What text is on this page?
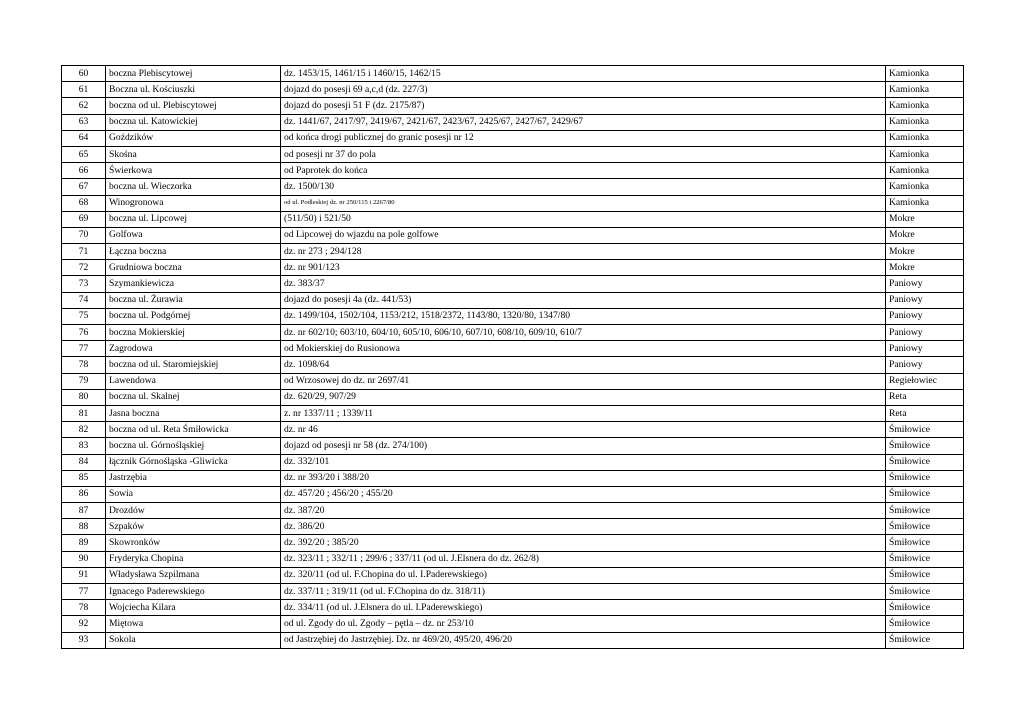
60	boczna Plebiscytowej	dz. 1453/15, 1461/15 i 1460/15, 1462/15	Kamionka
61	Boczna ul. Kościuszki	dojazd do posesji 69 a,c,d (dz. 227/3)	Kamionka
62	boczna od ul. Plebiscytowej	dojazd do posesji 51 F (dz. 2175/87)	Kamionka
63	boczna ul. Katowickiej	dz. 1441/67, 2417/97, 2419/67, 2421/67, 2423/67, 2425/67, 2427/67, 2429/67	Kamionka
64	Goździków	od końca drogi publicznej do granic posesji nr 12	Kamionka
65	Skośna	od posesji nr 37 do pola	Kamionka
66	Świerkowa	od Paprotek do końca	Kamionka
67	boczna ul. Wieczorka	dz. 1500/130	Kamionka
68	Winogronowa	od ul. Podleskiej dz. nr 250/115 i 2267/80	Kamionka
69	boczna ul. Lipcowej	(511/50) i 521/50	Mokre
70	Golfowa	od Lipcowej do wjazdu na pole golfowe	Mokre
71	Łączna boczna	dz. nr 273 ; 294/128	Mokre
72	Grudniowa boczna	dz. nr 901/123	Mokre
73	Szymankiewicza	dz. 383/37	Paniowy
74	boczna ul. Żurawia	dojazd do posesji 4a (dz. 441/53)	Paniowy
75	boczna ul. Podgórnej	dz. 1499/104, 1502/104, 1153/212, 1518/2372, 1143/80, 1320/80, 1347/80	Paniowy
76	boczna Mokierskiej	dz. nr 602/10; 603/10, 604/10, 605/10, 606/10, 607/10, 608/10, 609/10, 610/7	Paniowy
77	Zagrodowa	od Mokierskiej do Rusionowa	Paniowy
78	boczna od ul. Staromiejskiej	dz. 1098/64	Paniowy
79	Lawendowa	od Wrzosowej do dz. nr 2697/41	Regiełowiec
80	boczna ul. Skalnej	dz. 620/29, 907/29	Reta
81	Jasna boczna	z. nr 1337/11 ; 1339/11	Reta
82	boczna od ul. Reta Śmiłowicka	dz. nr 46	Śmiłowice
83	boczna ul. Górnośląskiej	dojazd od posesji nr 58 (dz. 274/100)	Śmiłowice
84	łącznik Górnośląska -Gliwicka	dz. 332/101	Śmiłowice
85	Jastrzębia	dz. nr 393/20 i 388/20	Śmiłowice
86	Sowia	dz. 457/20 ; 456/20 ; 455/20	Śmiłowice
87	Drozdów	dz. 387/20	Śmiłowice
88	Szpaków	dz. 386/20	Śmiłowice
89	Skowronków	dz. 392/20 ; 385/20	Śmiłowice
90	Fryderyka Chopina	dz. 323/11 ; 332/11 ; 299/6 ; 337/11 (od ul. J.Elsnera do dz. 262/8)	Śmiłowice
91	Władysława Szpilmana	dz. 320/11 (od ul. F.Chopina do ul. I.Paderewskiego)	Śmiłowice
77	Ignacego Paderewskiego	dz. 337/11 ; 319/11 (od ul. F.Chopina do dz. 318/11)	Śmiłowice
78	Wojciecha Kilara	dz. 334/11 (od ul. J.Elsnera do ul. I.Paderewskiego)	Śmiłowice
92	Miętowa	od ul. Zgody do ul. Zgody – pętla – dz. nr 253/10	Śmiłowice
93	Sokola	od Jastrzębiej do Jastrzębiej. Dz. nr 469/20, 495/20, 496/20	Śmiłowice
